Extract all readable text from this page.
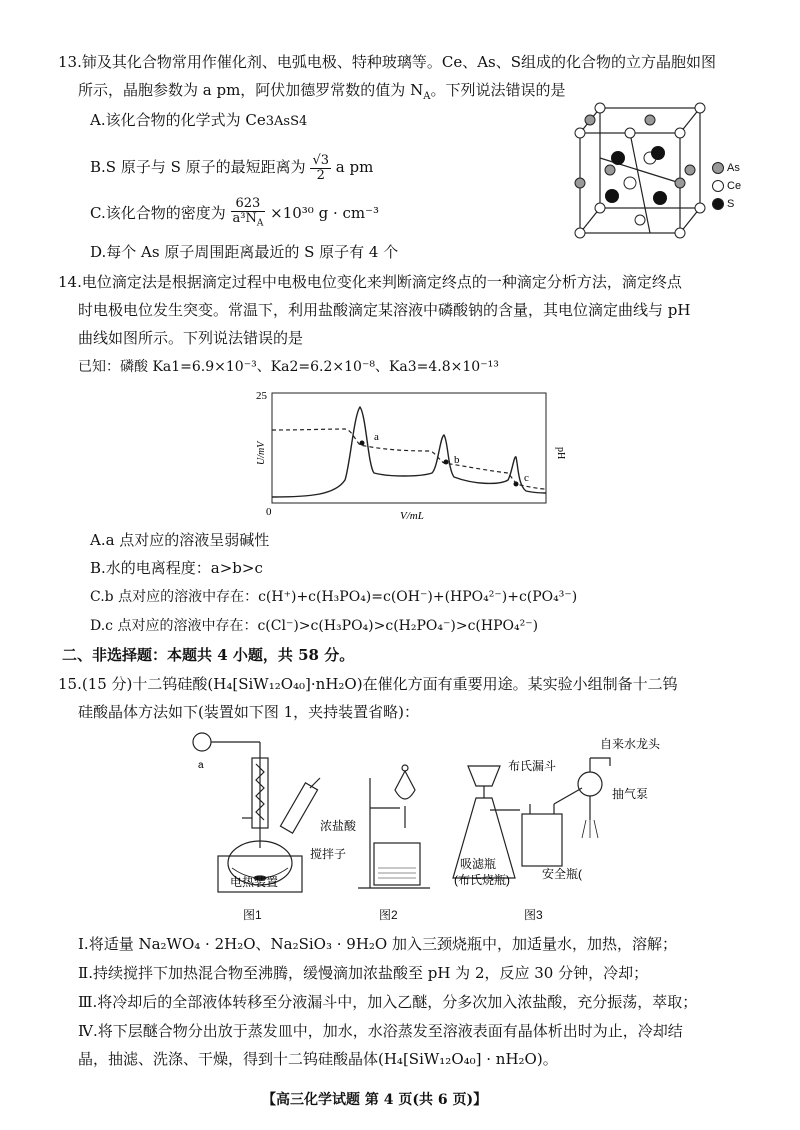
13.铈及其化合物常用作催化剂、电弧电极、特种玻璃等。Ce、As、S组成的化合物的立方晶胞如图
所示，晶胞参数为 a pm，阿伏加德罗常数的值为 $N_A$。下列说法错误的是
A.该化合物的化学式为 Ce3AsS4
B.S 原子与 S 原子的最短距离为 $\frac{√3}{2}$ a pm
C.该化合物的密度为 $\frac{623}{a^3N_A} \times 10^{30}$ g · cm⁻³
D.每个 As 原子周围距离最近的 S 原子有 4 个
As
Ce
S
14.电位滴定法是根据滴定过程中电极电位变化来判断滴定终点的一种滴定分析方法，滴定终点
时电极电位发生突变。常温下，利用盐酸滴定某溶液中磷酸钠的含量，其电位滴定曲线与 pH
曲线如图所示。下列说法错误的是
已知：磷酸 Ka1=6.9×10⁻³、Ka2=6.2×10⁻⁸、Ka3=4.8×10⁻¹³
a
b
c
25
0	V/mL
U/mV	pH
A.a 点对应的溶液呈弱碱性
B.水的电离程度：a>b>c
C.b 点对应的溶液中存在：c(H⁺)+c(H₃PO₄)=c(OH⁻)+(HPO₄²⁻)+c(PO₄³⁻)
D.c 点对应的溶液中存在：c(Cl⁻)>c(H₃PO₄)>c(H₂PO₄⁻)>c(HPO₄²⁻)
二、非选择题：本题共 4 小题，共 58 分。
15.(15 分)十二钨硅酸(H₄[SiW₁₂O₄₀]·nH₂O)在催化方面有重要用途。某实验小组制备十二钨
硅酸晶体方法如下(装置如下图 1，夹持装置省略)：
a
浓盐酸
搅拌子
电热装置
布氏漏斗
自来水龙头
抽气泵
吸滤瓶
(布氏烧瓶)	安全瓶(
图1	图2	图3
Ⅰ.将适量 Na₂WO₄ · 2H₂O、Na₂SiO₃ · 9H₂O 加入三颈烧瓶中，加适量水，加热，溶解；
Ⅱ.持续搅拌下加热混合物至沸腾，缓慢滴加浓盐酸至 pH 为 2，反应 30 分钟，冷却；
Ⅲ.将冷却后的全部液体转移至分液漏斗中，加入乙醚，分多次加入浓盐酸，充分振荡，萃取；
Ⅳ.将下层醚合物分出放于蒸发皿中，加水，水浴蒸发至溶液表面有晶体析出时为止，冷却结
晶，抽滤、洗涤、干燥，得到十二钨硅酸晶体(H₄[SiW₁₂O₄₀] · nH₂O)。
【高三化学试题 第 4 页(共 6 页)】
